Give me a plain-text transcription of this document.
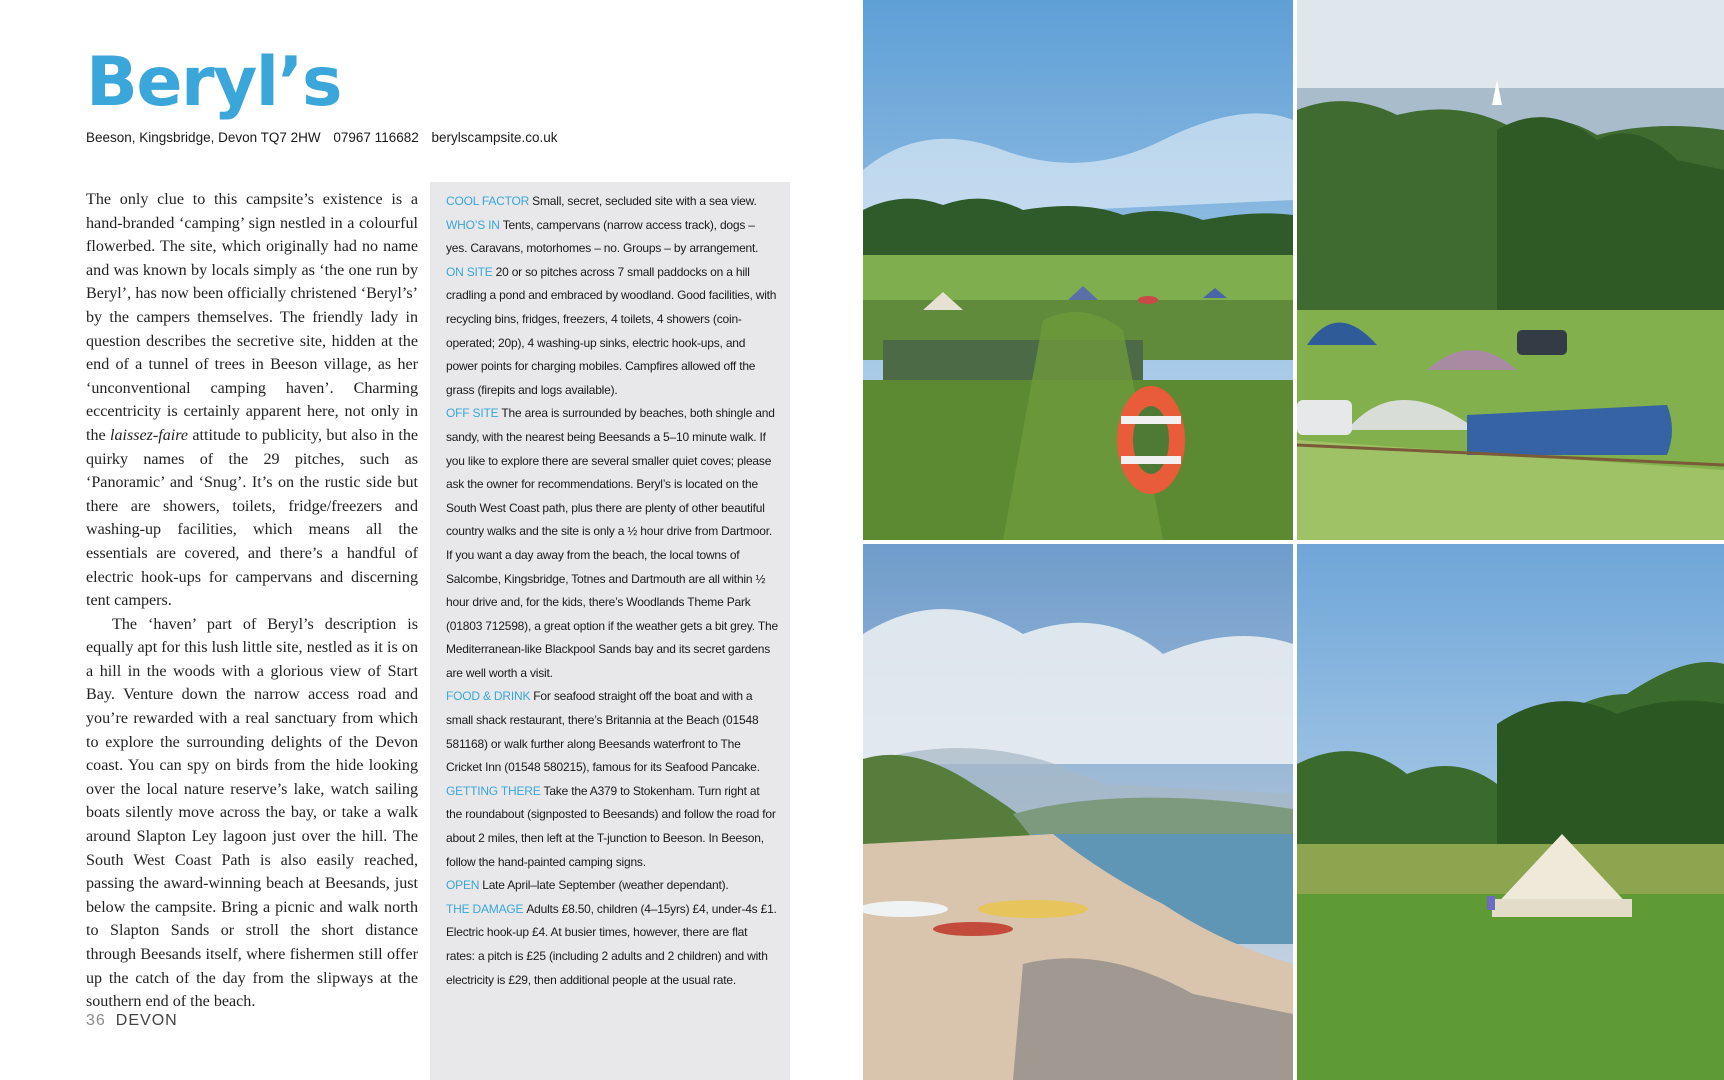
Beryl’s
Beeson, Kingsbridge, Devon TQ7 2HW 07967 116682 berylscampsite.co.uk

The only clue to this campsite’s existence is a hand-branded ‘camping’ sign nestled in a colourful flowerbed. The site, which originally had no name and was known by locals simply as ‘the one run by Beryl’, has now been officially christened ‘Beryl’s’ by the campers themselves. The friendly lady in question describes the secretive site, hidden at the end of a tunnel of trees in Beeson village, as her ‘unconventional camping haven’. Charming eccentricity is certainly apparent here, not only in the laissez-faire attitude to publicity, but also in the quirky names of the 29 pitches, such as ‘Panoramic’ and ‘Snug’. It’s on the rustic side but there are showers, toilets, fridge/freezers and washing-up facilities, which means all the essentials are covered, and there’s a handful of electric hook-ups for campervans and discerning tent campers.

The ‘haven’ part of Beryl’s description is equally apt for this lush little site, nestled as it is on a hill in the woods with a glorious view of Start Bay. Venture down the narrow access road and you’re rewarded with a real sanctuary from which to explore the surrounding delights of the Devon coast. You can spy on birds from the hide looking over the local nature reserve’s lake, watch sailing boats silently move across the bay, or take a walk around Slapton Ley lagoon just over the hill. The South West Coast Path is also easily reached, passing the award-winning beach at Beesands, just below the campsite. Bring a picnic and walk north to Slapton Sands or stroll the short distance through Beesands itself, where fishermen still offer up the catch of the day from the slipways at the southern end of the beach.

COOL FACTOR Small, secret, secluded site with a sea view.

WHO’S IN Tents, campervans (narrow access track), dogs – yes. Caravans, motorhomes – no. Groups – by arrangement.

ON SITE 20 or so pitches across 7 small paddocks on a hill cradling a pond and embraced by woodland. Good facilities, with recycling bins, fridges, freezers, 4 toilets, 4 showers (coin-operated; 20p), 4 washing-up sinks, electric hook-ups, and power points for charging mobiles. Campfires allowed off the grass (firepits and logs available).

OFF SITE The area is surrounded by beaches, both shingle and sandy, with the nearest being Beesands a 5–10 minute walk. If you like to explore there are several smaller quiet coves; please ask the owner for recommendations. Beryl’s is located on the South West Coast path, plus there are plenty of other beautiful country walks and the site is only a ½ hour drive from Dartmoor. If you want a day away from the beach, the local towns of Salcombe, Kingsbridge, Totnes and Dartmouth are all within ½ hour drive and, for the kids, there’s Woodlands Theme Park (01803 712598), a great option if the weather gets a bit grey. The Mediterranean-like Blackpool Sands bay and its secret gardens are well worth a visit.

FOOD & DRINK For seafood straight off the boat and with a small shack restaurant, there’s Britannia at the Beach (01548 581168) or walk further along Beesands waterfront to The Cricket Inn (01548 580215), famous for its Seafood Pancake.

GETTING THERE Take the A379 to Stokenham. Turn right at the roundabout (signposted to Beesands) and follow the road for about 2 miles, then left at the T-junction to Beeson. In Beeson, follow the hand-painted camping signs.

OPEN Late April–late September (weather dependant).

THE DAMAGE Adults £8.50, children (4–15yrs) £4, under-4s £1. Electric hook-up £4. At busier times, however, there are flat rates: a pitch is £25 (including 2 adults and 2 children) and with electricity is £29, then additional people at the usual rate.

36 DEVON
